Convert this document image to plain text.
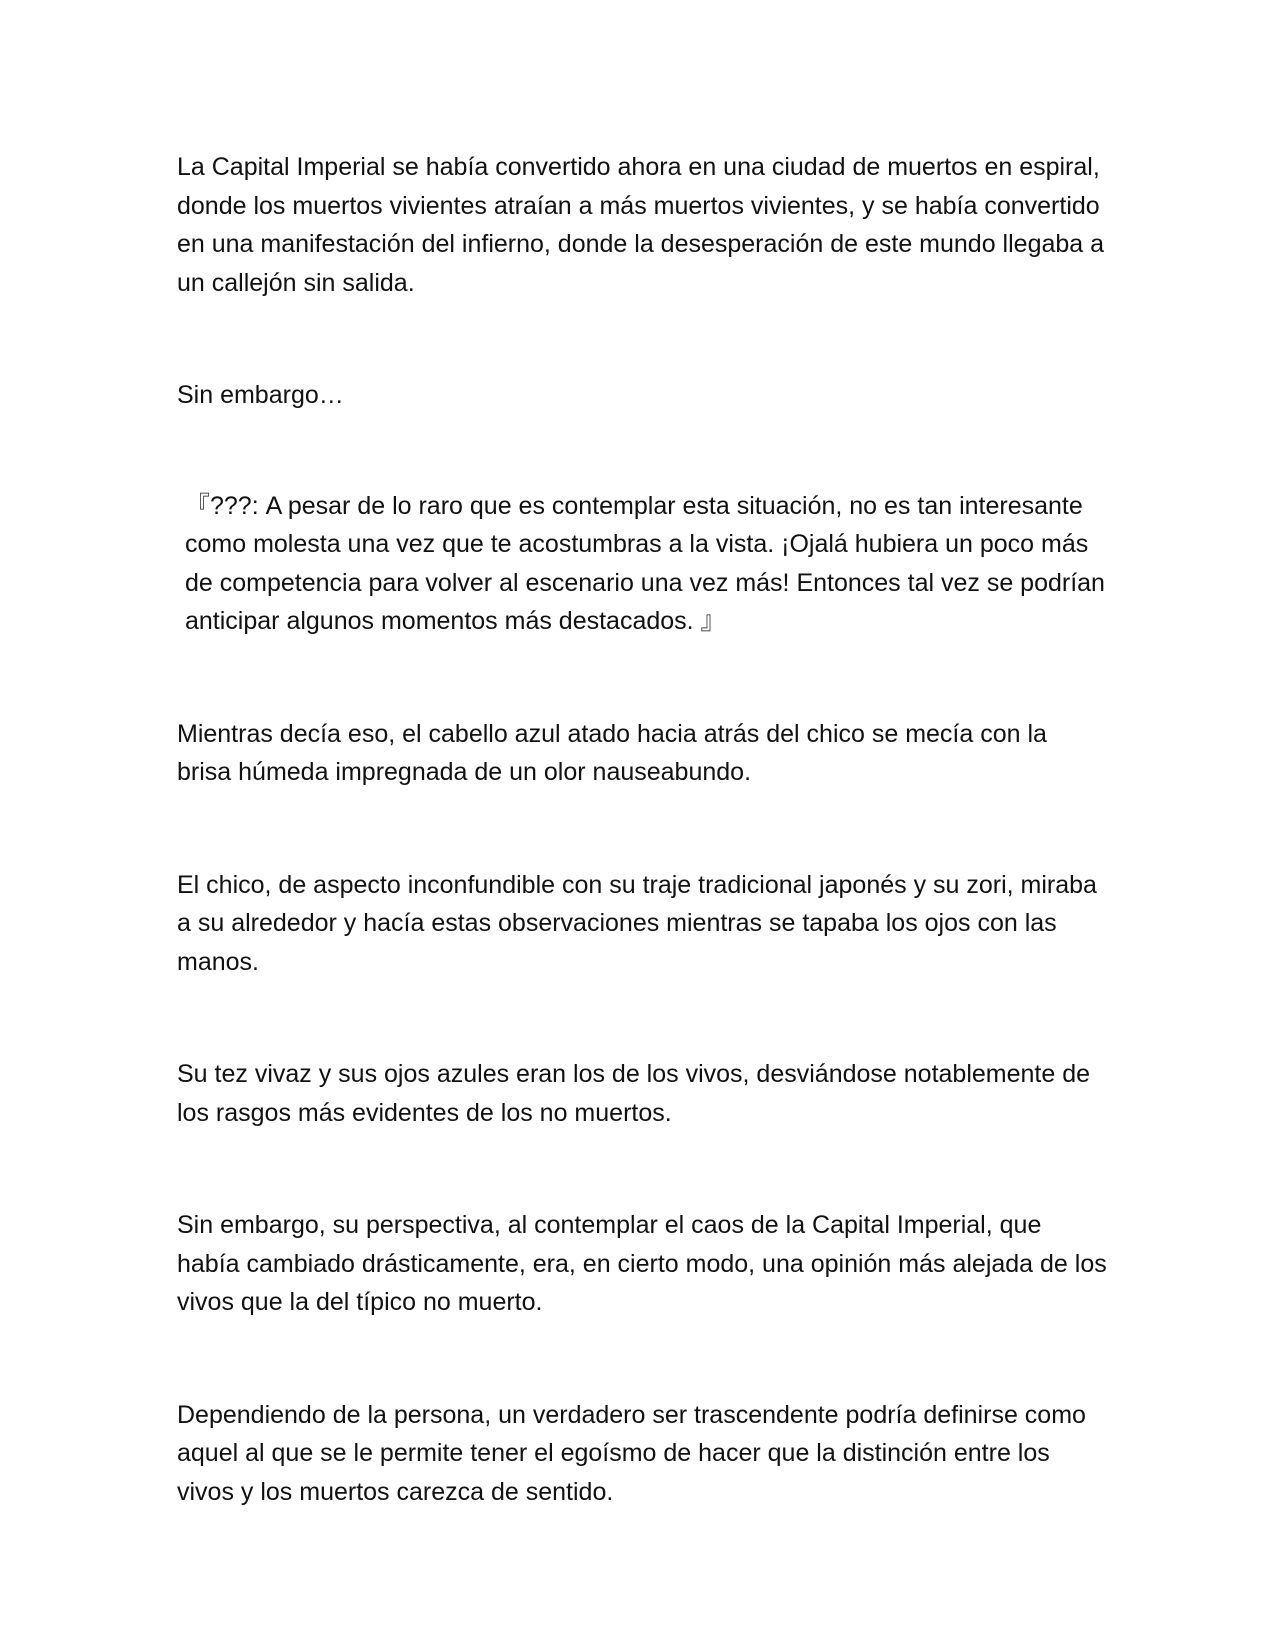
La Capital Imperial se había convertido ahora en una ciudad de muertos en espiral, donde los muertos vivientes atraían a más muertos vivientes, y se había convertido en una manifestación del infierno, donde la desesperación de este mundo llegaba a un callejón sin salida.

Sin embargo…

『???: A pesar de lo raro que es contemplar esta situación, no es tan interesante como molesta una vez que te acostumbras a la vista. ¡Ojalá hubiera un poco más de competencia para volver al escenario una vez más! Entonces tal vez se podrían anticipar algunos momentos más destacados. 』

Mientras decía eso, el cabello azul atado hacia atrás del chico se mecía con la brisa húmeda impregnada de un olor nauseabundo.

El chico, de aspecto inconfundible con su traje tradicional japonés y su zori, miraba a su alrededor y hacía estas observaciones mientras se tapaba los ojos con las manos.

Su tez vivaz y sus ojos azules eran los de los vivos, desviándose notablemente de los rasgos más evidentes de los no muertos.

Sin embargo, su perspectiva, al contemplar el caos de la Capital Imperial, que había cambiado drásticamente, era, en cierto modo, una opinión más alejada de los vivos que la del típico no muerto.

Dependiendo de la persona, un verdadero ser trascendente podría definirse como aquel al que se le permite tener el egoísmo de hacer que la distinción entre los vivos y los muertos carezca de sentido.
